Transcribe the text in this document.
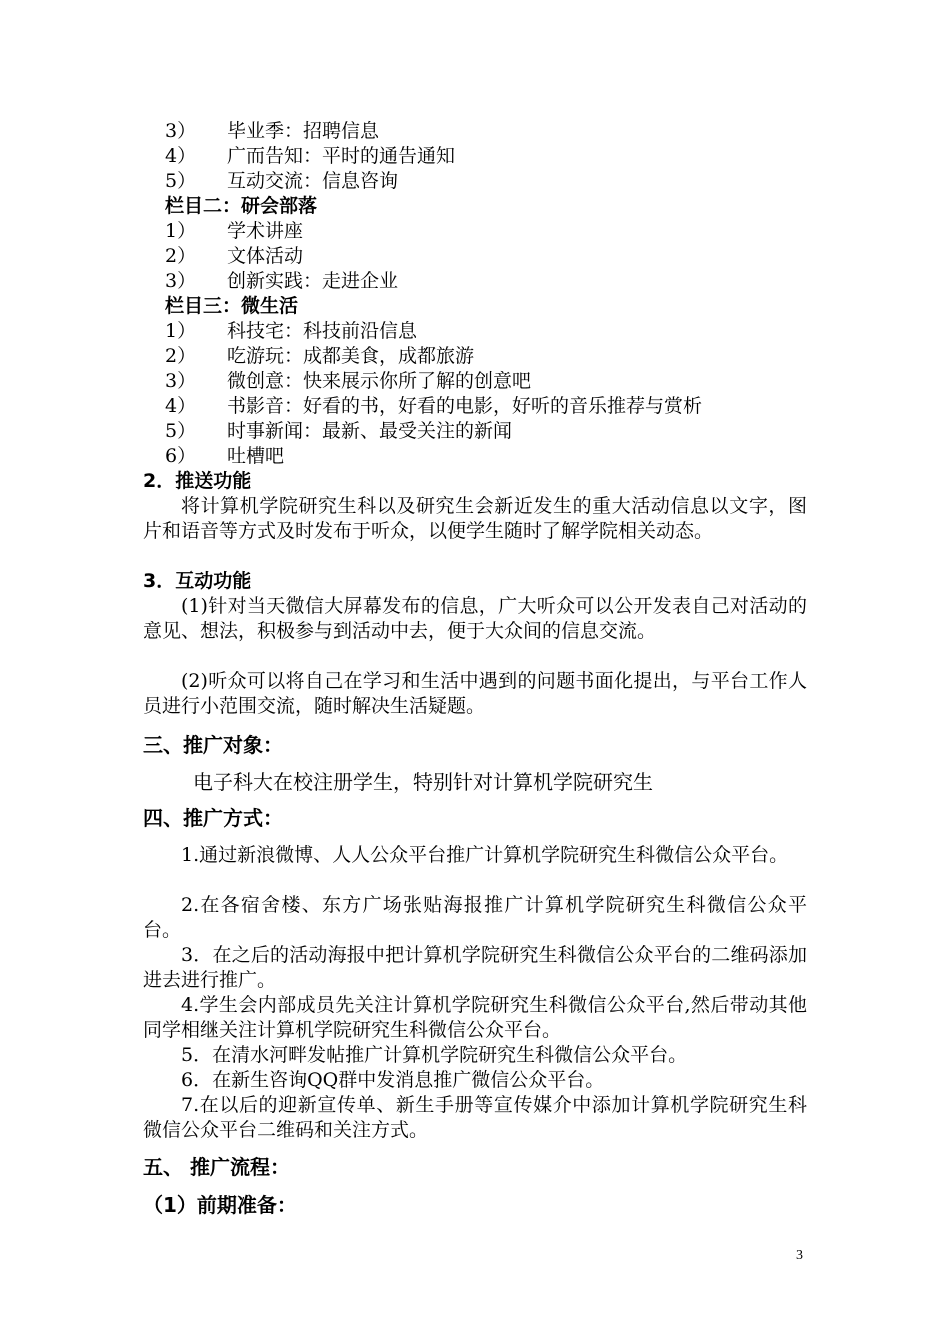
3） 毕业季：招聘信息
4） 广而告知：平时的通告通知
5） 互动交流：信息咨询
栏目二：研会部落
1） 学术讲座
2） 文体活动
3） 创新实践：走进企业
栏目三：微生活
1） 科技宅：科技前沿信息
2） 吃游玩：成都美食，成都旅游
3） 微创意：快来展示你所了解的创意吧
4） 书影音：好看的书，好看的电影，好听的音乐推荐与赏析
5） 时事新闻：最新、最受关注的新闻
6） 吐槽吧
2．推送功能
将计算机学院研究生科以及研究生会新近发生的重大活动信息以文字，图片和语音等方式及时发布于听众，以便学生随时了解学院相关动态。
3．互动功能
(1)针对当天微信大屏幕发布的信息，广大听众可以公开发表自己对活动的意见、想法，积极参与到活动中去，便于大众间的信息交流。
(2)听众可以将自己在学习和生活中遇到的问题书面化提出，与平台工作人员进行小范围交流，随时解决生活疑题。
三、推广对象：
电子科大在校注册学生，特别针对计算机学院研究生
四、推广方式：
1.通过新浪微博、人人公众平台推广计算机学院研究生科微信公众平台。
2.在各宿舍楼、东方广场张贴海报推广计算机学院研究生科微信公众平台。
3．在之后的活动海报中把计算机学院研究生科微信公众平台的二维码添加进去进行推广。
4.学生会内部成员先关注计算机学院研究生科微信公众平台,然后带动其他同学相继关注计算机学院研究生科微信公众平台。
5．在清水河畔发帖推广计算机学院研究生科微信公众平台。
6．在新生咨询QQ群中发消息推广微信公众平台。
7.在以后的迎新宣传单、新生手册等宣传媒介中添加计算机学院研究生科微信公众平台二维码和关注方式。
五、 推广流程：
（1）前期准备：
3
